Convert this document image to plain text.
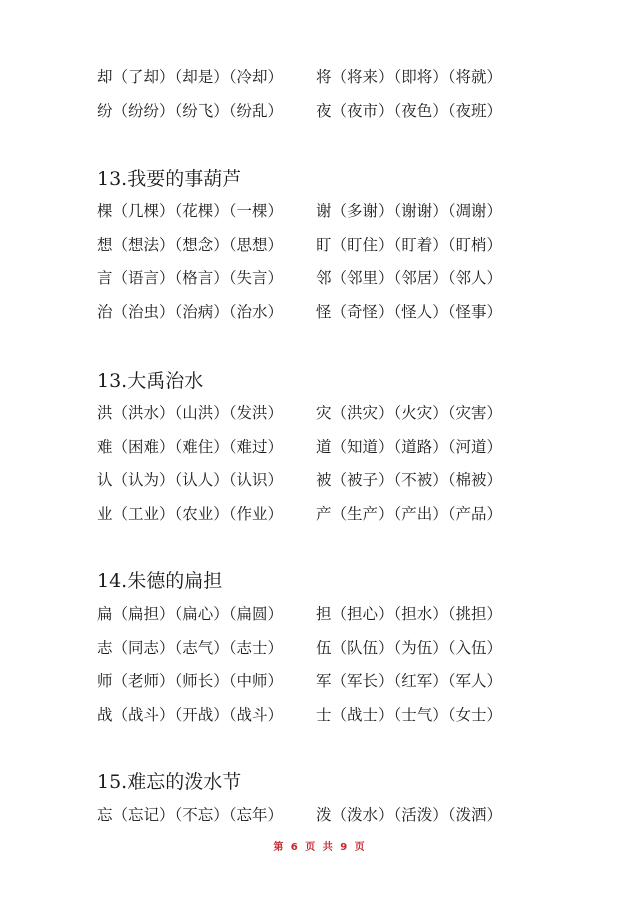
却（了却）（却是）（冷却） 将（将来）（即将）（将就）
纷（纷纷）（纷飞）（纷乱） 夜（夜市）（夜色）（夜班）
13.我要的事葫芦
棵（几棵）（花棵）（一棵） 谢（多谢）（谢谢）（凋谢）
想（想法）（想念）（思想） 盯（盯住）（盯着）（盯梢）
言（语言）（格言）（失言） 邻（邻里）（邻居）（邻人）
治（治虫）（治病）（治水） 怪（奇怪）（怪人）（怪事）
13.大禹治水
洪（洪水）（山洪）（发洪） 灾（洪灾）（火灾）（灾害）
难（困难）（难住）（难过） 道（知道）（道路）（河道）
认（认为）（认人）（认识） 被（被子）（不被）（棉被）
业（工业）（农业）（作业） 产（生产）（产出）（产品）
14.朱德的扁担
扁（扁担）（扁心）（扁圆） 担（担心）（担水）（挑担）
志（同志）（志气）（志士） 伍（队伍）（为伍）（入伍）
师（老师）（师长）（中师） 军（军长）（红军）（军人）
战（战斗）（开战）（战斗） 士（战士）（士气）（女士）
15.难忘的泼水节
忘（忘记）（不忘）（忘年） 泼（泼水）（活泼）（泼洒）
第 6 页 共 9 页
